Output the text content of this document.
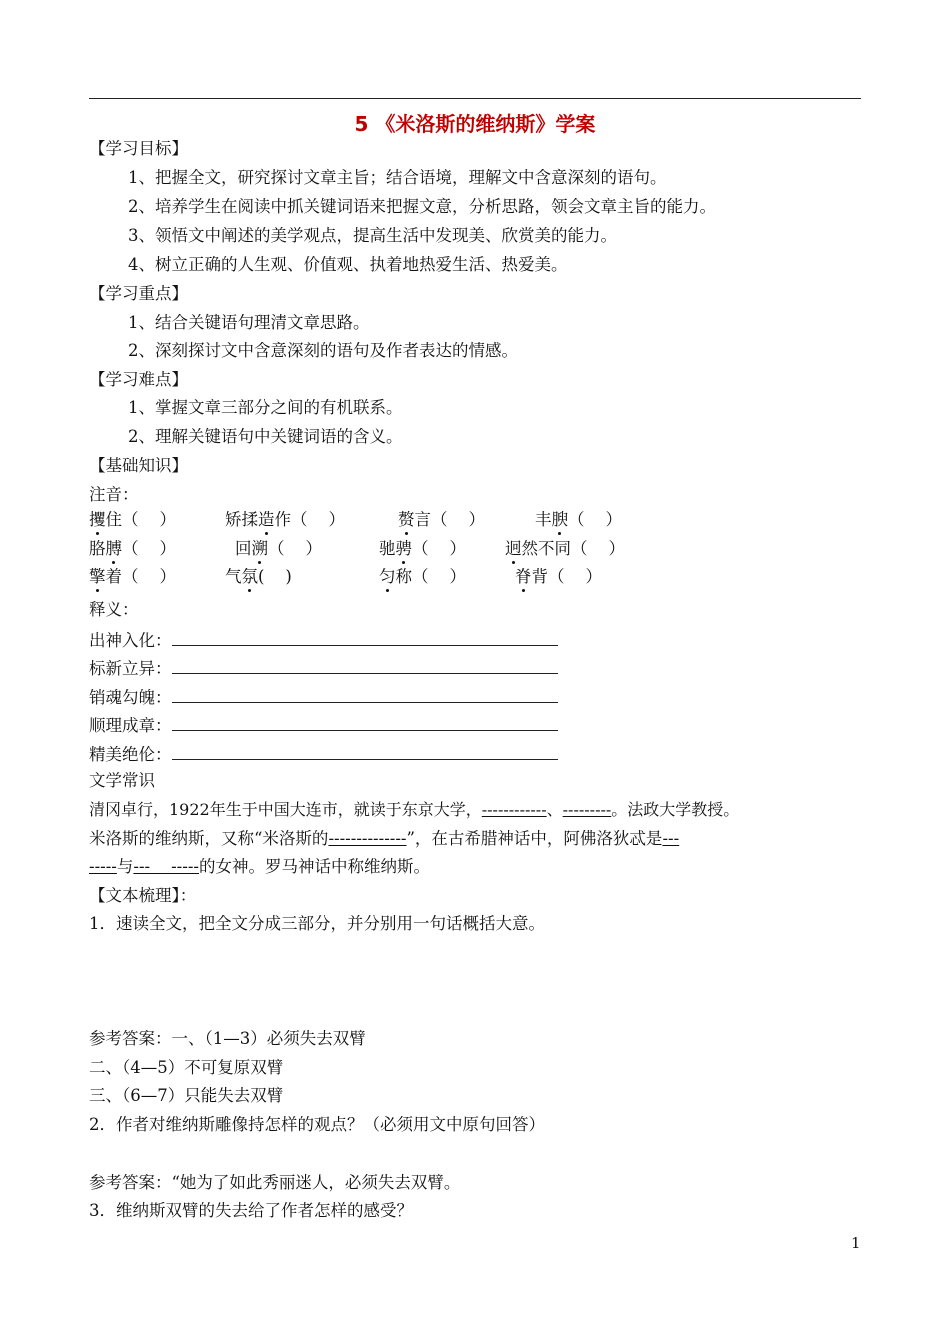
5 《米洛斯的维纳斯》学案
【学习目标】
1、把握全文，研究探讨文章主旨；结合语境，理解文中含意深刻的语句。
2、培养学生在阅读中抓关键词语来把握文意，分析思路，领会文章主旨的能力。
3、领悟文中阐述的美学观点，提高生活中发现美、欣赏美的能力。
4、树立正确的人生观、价值观、执着地热爱生活、热爱美。
【学习重点】
1、结合关键语句理清文章思路。
2、深刻探讨文中含意深刻的语句及作者表达的情感。
【学习难点】
1、掌握文章三部分之间的有机联系。
2、理解关键语句中关键词语的含义。
【基础知识】
注音：
攫住（    ）	矫揉造作（    ）	赘言（    ）	丰腴（    ）
胳膊（    ）	回溯（    ）	驰骋（    ） 迥然不同（    ）
擎着（    ）	气氛(    )	匀称（    ）	脊背（    ）
释义：
出神入化：
标新立异：
销魂勾魄：
顺理成章：
精美绝伦：
文学常识
清冈卓行，1922年生于中国大连市，就读于东京大学，------------、---------。法政大学教授。
米洛斯的维纳斯，又称“米洛斯的--------------”，在古希腊神话中，阿佛洛狄忒是---
-----与---    -----的女神。罗马神话中称维纳斯。
【文本梳理】：
1．速读全文，把全文分成三部分，并分别用一句话概括大意。
参考答案：一、（1—3）必须失去双臂
二、（4—5）不可复原双臂
三、（6—7）只能失去双臂
2．作者对维纳斯雕像持怎样的观点？（必须用文中原句回答）
参考答案：“她为了如此秀丽迷人，必须失去双臂。
3．维纳斯双臂的失去给了作者怎样的感受？
1
